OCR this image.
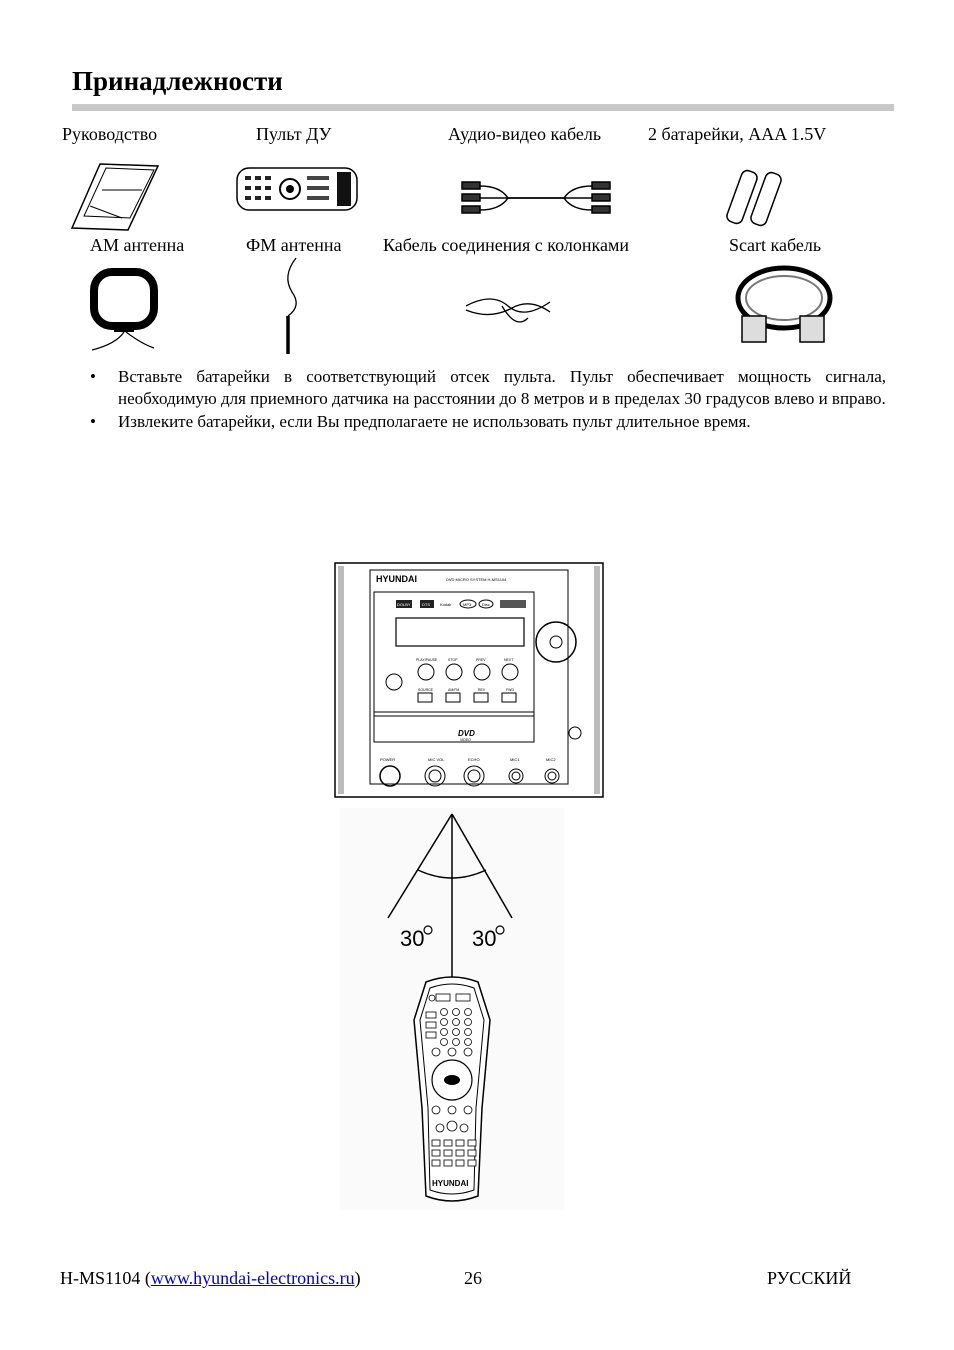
Принадлежности
Руководство	Пульт ДУ	Аудио-видео кабель	2 батарейки, AAA 1.5V
АМ антенна	ФМ антенна Кабель соединения с колонками	Scart кабель
• Вставьте батарейки в соответствующий отсек пульта. Пульт обеспечивает мощность сигнала, необходимую для приемного датчика на расстоянии до 8 метров и в пределах 30 градусов влево и вправо.
• Извлеките батарейки, если Вы предполагаете не использовать пульт длительное время.
HYUNDAI	DVD MICRO SYSTEM H-MS1104
DOLBY	DTS	Kodak	MP3	Disc
PLAY/PAUSE	STOP	PREV	NEXT
SOURCE	AM/FM	REV	FWD
DVD
VIDEO
POWER	MIC VOL	ECHO	MIC1	MIC2
30 30
HYUNDAI
H-MS1104 (www.hyundai-electronics.ru)	26	РУССКИЙ
